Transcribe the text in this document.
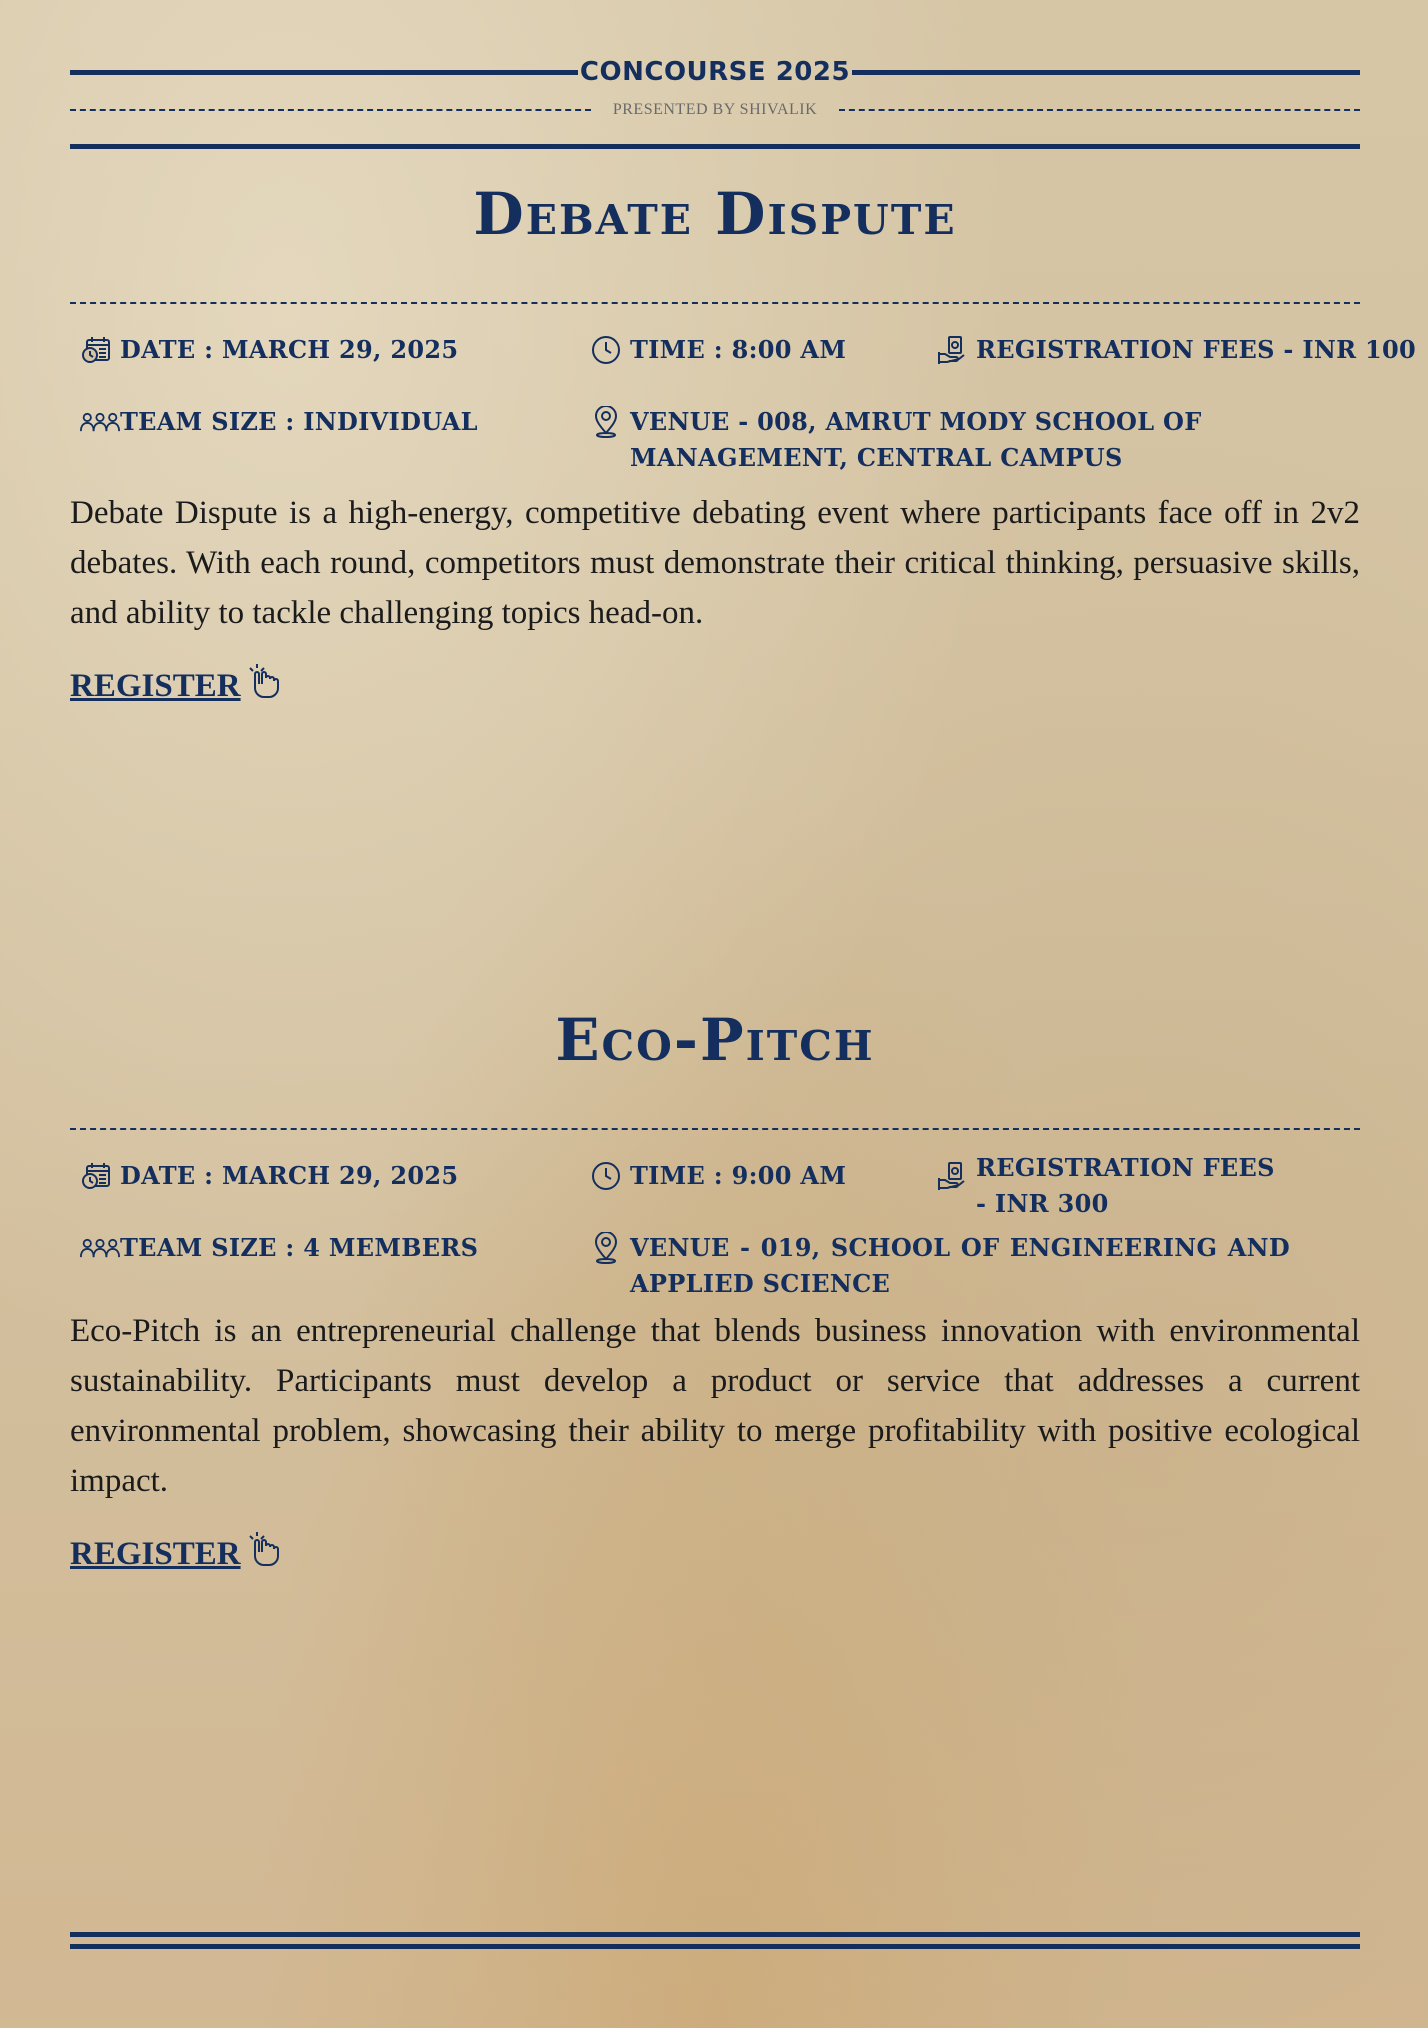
CONCOURSE 2025
PRESENTED BY SHIVALIK
Debate Dispute
DATE : MARCH 29, 2025	TIME : 8:00 AM	REGISTRATION FEES - INR 100
TEAM SIZE : INDIVIDUAL	VENUE - 008, AMRUT MODY SCHOOL OF MANAGEMENT, CENTRAL CAMPUS

Debate Dispute is a high-energy, competitive debating event where participants face off in 2v2 debates. With each round, competitors must demonstrate their critical thinking, persuasive skills, and ability to tackle challenging topics head-on.

REGISTER
Eco-Pitch
DATE : MARCH 29, 2025	TIME : 9:00 AM	REGISTRATION FEES - INR 300
TEAM SIZE : 4 MEMBERS	VENUE - 019, SCHOOL OF ENGINEERING AND APPLIED SCIENCE

Eco-Pitch is an entrepreneurial challenge that blends business innovation with environmental sustainability. Participants must develop a product or service that addresses a current environmental problem, showcasing their ability to merge profitability with positive ecological impact.

REGISTER
